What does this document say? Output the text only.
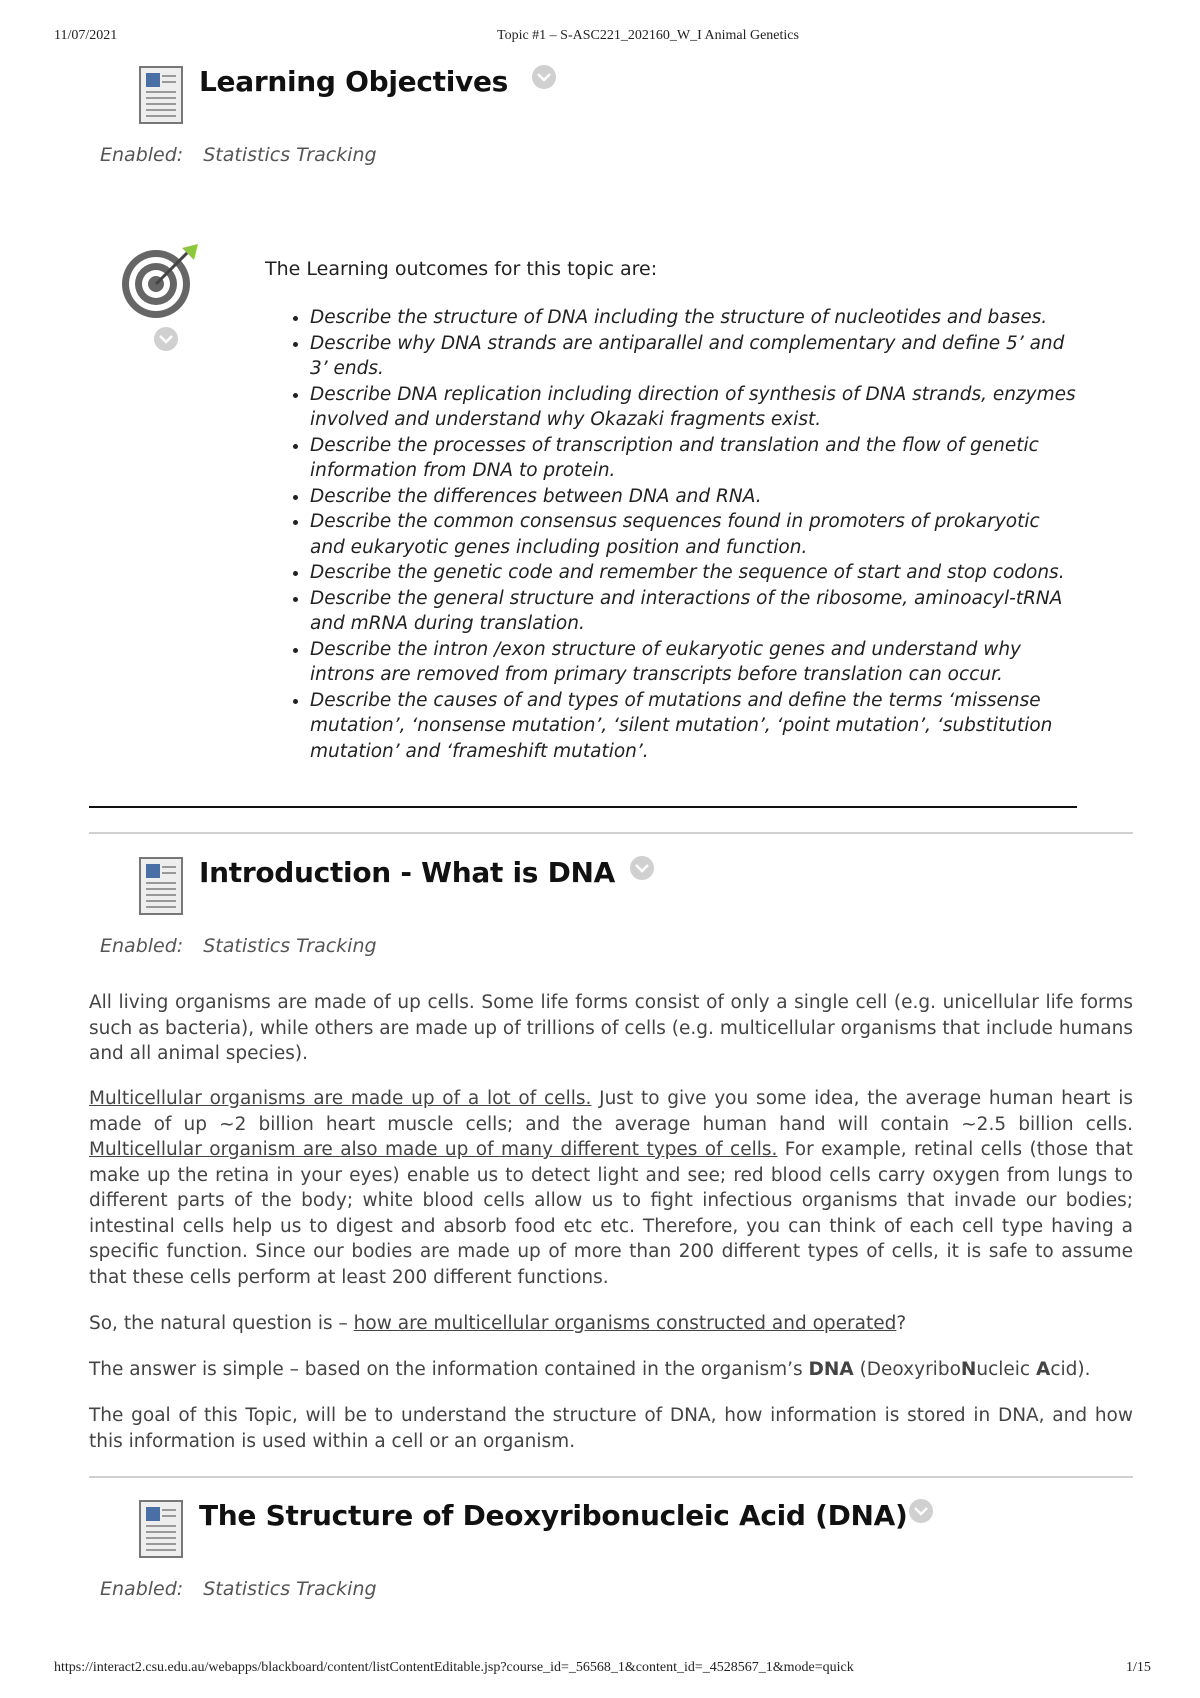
11/07/2021	Topic #1 – S-ASC221_202160_W_I Animal Genetics
Learning Objectives
Enabled: Statistics Tracking
The Learning outcomes for this topic are:
• Describe the structure of DNA including the structure of nucleotides and bases.
• Describe why DNA strands are antiparallel and complementary and define 5’ and 3’ ends.
• Describe DNA replication including direction of synthesis of DNA strands, enzymes involved and understand why Okazaki fragments exist.
• Describe the processes of transcription and translation and the flow of genetic information from DNA to protein.
• Describe the differences between DNA and RNA.
• Describe the common consensus sequences found in promoters of prokaryotic and eukaryotic genes including position and function.
• Describe the genetic code and remember the sequence of start and stop codons.
• Describe the general structure and interactions of the ribosome, aminoacyl-tRNA and mRNA during translation.
• Describe the intron /exon structure of eukaryotic genes and understand why introns are removed from primary transcripts before translation can occur.
• Describe the causes of and types of mutations and define the terms ‘missense mutation’, ‘nonsense mutation’, ‘silent mutation’, ‘point mutation’, ‘substitution mutation’ and ‘frameshift mutation’.
Introduction - What is DNA
Enabled: Statistics Tracking

All living organisms are made of up cells. Some life forms consist of only a single cell (e.g. unicellular life forms such as bacteria), while others are made up of trillions of cells (e.g. multicellular organisms that include humans and all animal species).

Multicellular organisms are made up of a lot of cells. Just to give you some idea, the average human heart is made of up ~2 billion heart muscle cells; and the average human hand will contain ~2.5 billion cells. Multicellular organism are also made up of many different types of cells. For example, retinal cells (those that make up the retina in your eyes) enable us to detect light and see; red blood cells carry oxygen from lungs to different parts of the body; white blood cells allow us to fight infectious organisms that invade our bodies; intestinal cells help us to digest and absorb food etc etc. Therefore, you can think of each cell type having a specific function. Since our bodies are made up of more than 200 different types of cells, it is safe to assume that these cells perform at least 200 different functions.

So, the natural question is – how are multicellular organisms constructed and operated?

The answer is simple – based on the information contained in the organism’s DNA (DeoxyriboNucleic Acid).

The goal of this Topic, will be to understand the structure of DNA, how information is stored in DNA, and how this information is used within a cell or an organism.

The Structure of Deoxyribonucleic Acid (DNA)
Enabled: Statistics Tracking
https://interact2.csu.edu.au/webapps/blackboard/content/listContentEditable.jsp?course_id=_56568_1&content_id=_4528567_1&mode=quick	1/15
